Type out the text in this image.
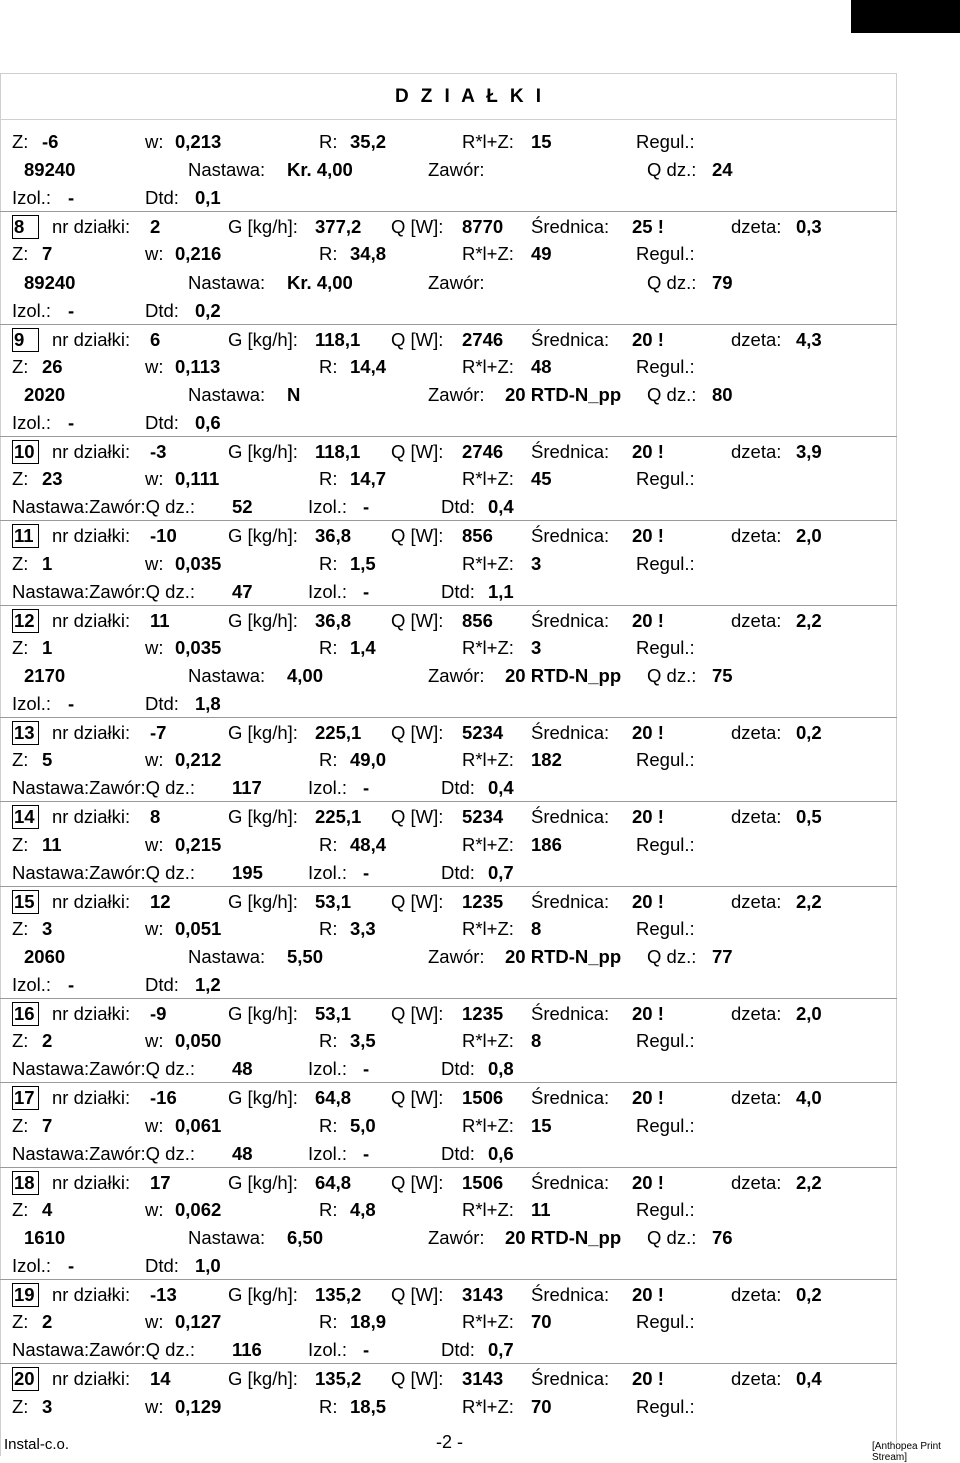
D Z I A Ł K I
Z: -6	w: 0,213	R: 35,2	R*l+Z: 15	Regul.:
89240	Nastawa: Kr. 4,00	Zawór:	Q dz.: 24
Izol.: -	Dtd: 0,1
8	nr działki: 2	G [kg/h]: 377,2 Q [W]: 8770 Średnica: 25 !	dzeta: 0,3
Z: 7	w: 0,216	R: 34,8	R*l+Z: 49	Regul.:
89240	Nastawa: Kr. 4,00	Zawór:	Q dz.: 79
Izol.: -	Dtd: 0,2
9	nr działki: 6	G [kg/h]: 118,1 Q [W]: 2746 Średnica: 20 !	dzeta: 4,3
Z: 26	w: 0,113	R: 14,4	R*l+Z: 48	Regul.:
2020	Nastawa: N	Zawór: 20 RTD-N_pp Q dz.: 80
Izol.: -	Dtd: 0,6
10 nr działki: -3	G [kg/h]: 118,1 Q [W]: 2746 Średnica: 20 !	dzeta: 3,9
Z: 23	w: 0,111	R: 14,7	R*l+Z: 45	Regul.:
Nastawa:Zawór:Q dz.: 52	Izol.: -	Dtd: 0,4
11 nr działki: -10	G [kg/h]: 36,8 Q [W]: 856 Średnica: 20 !	dzeta: 2,0
Z: 1	w: 0,035	R: 1,5	R*l+Z: 3	Regul.:
Nastawa:Zawór:Q dz.: 47	Izol.: -	Dtd: 1,1
12 nr działki: 11	G [kg/h]: 36,8 Q [W]: 856 Średnica: 20 !	dzeta: 2,2
Z: 1	w: 0,035	R: 1,4	R*l+Z: 3	Regul.:
2170	Nastawa: 4,00	Zawór: 20 RTD-N_pp Q dz.: 75
Izol.: -	Dtd: 1,8
13 nr działki: -7	G [kg/h]: 225,1 Q [W]: 5234 Średnica: 20 !	dzeta: 0,2
Z: 5	w: 0,212	R: 49,0	R*l+Z: 182	Regul.:
Nastawa:Zawór:Q dz.: 117 Izol.: -	Dtd: 0,4
14 nr działki: 8	G [kg/h]: 225,1 Q [W]: 5234 Średnica: 20 !	dzeta: 0,5
Z: 11	w: 0,215	R: 48,4	R*l+Z: 186	Regul.:
Nastawa:Zawór:Q dz.: 195 Izol.: -	Dtd: 0,7
15 nr działki: 12	G [kg/h]: 53,1 Q [W]: 1235 Średnica: 20 !	dzeta: 2,2
Z: 3	w: 0,051	R: 3,3	R*l+Z: 8	Regul.:
2060	Nastawa: 5,50	Zawór: 20 RTD-N_pp Q dz.: 77
Izol.: -	Dtd: 1,2
16 nr działki: -9	G [kg/h]: 53,1 Q [W]: 1235 Średnica: 20 !	dzeta: 2,0
Z: 2	w: 0,050	R: 3,5	R*l+Z: 8	Regul.:
Nastawa:Zawór:Q dz.: 48	Izol.: -	Dtd: 0,8
17 nr działki: -16	G [kg/h]: 64,8 Q [W]: 1506 Średnica: 20 !	dzeta: 4,0
Z: 7	w: 0,061	R: 5,0	R*l+Z: 15	Regul.:
Nastawa:Zawór:Q dz.: 48	Izol.: -	Dtd: 0,6
18 nr działki: 17	G [kg/h]: 64,8 Q [W]: 1506 Średnica: 20 !	dzeta: 2,2
Z: 4	w: 0,062	R: 4,8	R*l+Z: 11	Regul.:
1610	Nastawa: 6,50	Zawór: 20 RTD-N_pp Q dz.: 76
Izol.: -	Dtd: 1,0
19 nr działki: -13	G [kg/h]: 135,2 Q [W]: 3143 Średnica: 20 !	dzeta: 0,2
Z: 2	w: 0,127	R: 18,9	R*l+Z: 70	Regul.:
Nastawa:Zawór:Q dz.: 116 Izol.: -	Dtd: 0,7
20 nr działki: 14	G [kg/h]: 135,2 Q [W]: 3143 Średnica: 20 !	dzeta: 0,4
Z: 3	w: 0,129	R: 18,5	R*l+Z: 70	Regul.:
Instal-c.o.	-2 -	[Anthopea Print Stream]
